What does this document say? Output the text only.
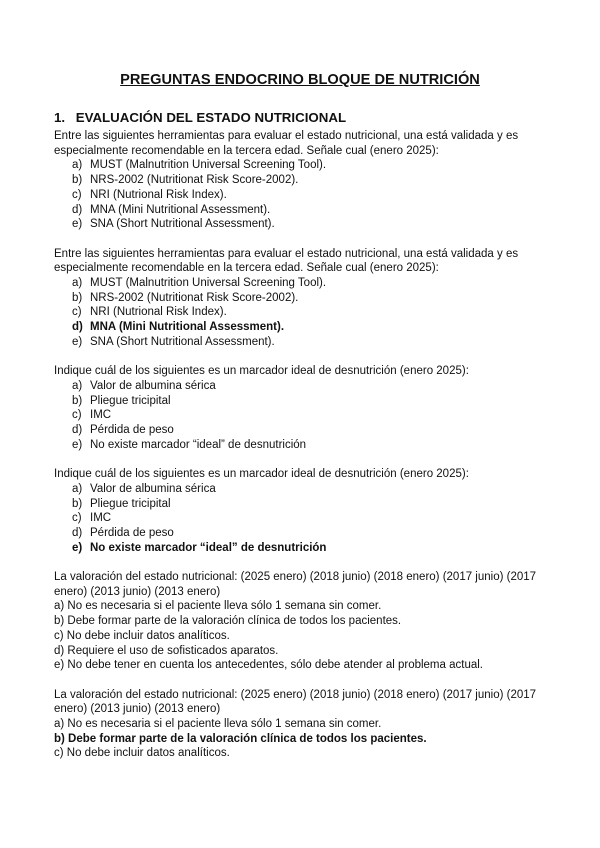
PREGUNTAS ENDOCRINO BLOQUE DE NUTRICIÓN
1. EVALUACIÓN DEL ESTADO NUTRICIONAL

Entre las siguientes herramientas para evaluar el estado nutricional, una está validada y es especialmente recomendable en la tercera edad. Señale cual (enero 2025):

a) MUST (Malnutrition Universal Screening Tool).
b) NRS-2002 (Nutritionat Risk Score-2002).
c) NRI (Nutrional Risk Index).
d) MNA (Mini Nutritional Assessment).
e) SNA (Short Nutritional Assessment).

Entre las siguientes herramientas para evaluar el estado nutricional, una está validada y es especialmente recomendable en la tercera edad. Señale cual (enero 2025):

a) MUST (Malnutrition Universal Screening Tool).
b) NRS-2002 (Nutritionat Risk Score-2002).
c) NRI (Nutrional Risk Index).
d) MNA (Mini Nutritional Assessment).
e) SNA (Short Nutritional Assessment).

Indique cuál de los siguientes es un marcador ideal de desnutrición (enero 2025):

a) Valor de albumina sérica
b) Pliegue tricipital
c) IMC
d) Pérdida de peso
e) No existe marcador “ideal” de desnutrición

Indique cuál de los siguientes es un marcador ideal de desnutrición (enero 2025):

a) Valor de albumina sérica
b) Pliegue tricipital
c) IMC
d) Pérdida de peso
e) No existe marcador “ideal” de desnutrición

La valoración del estado nutricional: (2025 enero) (2018 junio) (2018 enero) (2017 junio) (2017 enero) (2013 junio) (2013 enero)

a) No es necesaria si el paciente lleva sólo 1 semana sin comer.
b) Debe formar parte de la valoración clínica de todos los pacientes.
c) No debe incluir datos analíticos.
d) Requiere el uso de sofisticados aparatos.
e) No debe tener en cuenta los antecedentes, sólo debe atender al problema actual.

La valoración del estado nutricional: (2025 enero) (2018 junio) (2018 enero) (2017 junio) (2017 enero) (2013 junio) (2013 enero)

a) No es necesaria si el paciente lleva sólo 1 semana sin comer.
b) Debe formar parte de la valoración clínica de todos los pacientes.
c) No debe incluir datos analíticos.
